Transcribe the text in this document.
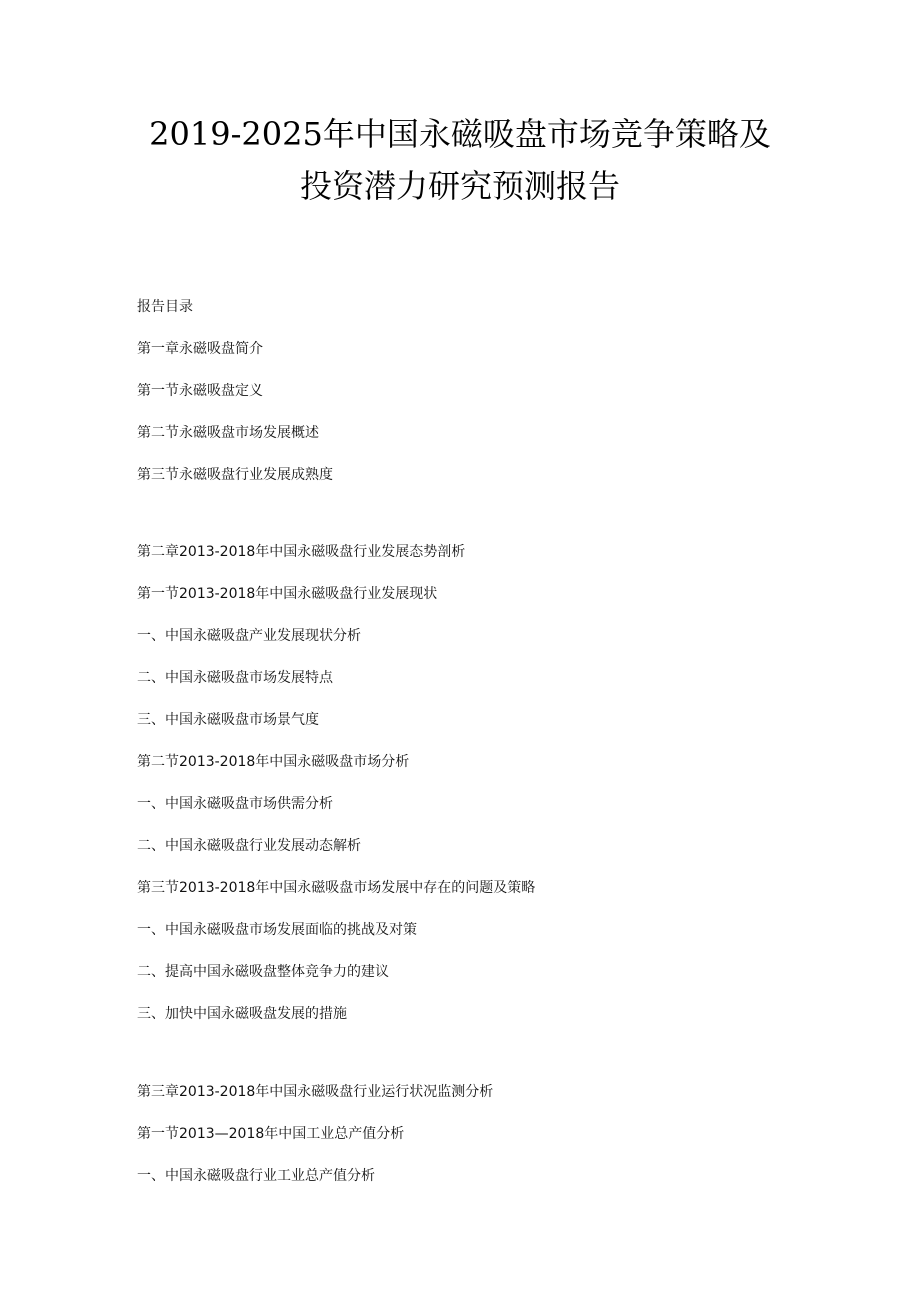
2019-2025年中国永磁吸盘市场竞争策略及
投资潜力研究预测报告
报告目录
第一章永磁吸盘简介
第一节永磁吸盘定义
第二节永磁吸盘市场发展概述
第三节永磁吸盘行业发展成熟度
第二章2013-2018年中国永磁吸盘行业发展态势剖析
第一节2013-2018年中国永磁吸盘行业发展现状
一、中国永磁吸盘产业发展现状分析
二、中国永磁吸盘市场发展特点
三、中国永磁吸盘市场景气度
第二节2013-2018年中国永磁吸盘市场分析
一、中国永磁吸盘市场供需分析
二、中国永磁吸盘行业发展动态解析
第三节2013-2018年中国永磁吸盘市场发展中存在的问题及策略
一、中国永磁吸盘市场发展面临的挑战及对策
二、提高中国永磁吸盘整体竞争力的建议
三、加快中国永磁吸盘发展的措施
第三章2013-2018年中国永磁吸盘行业运行状况监测分析
第一节2013—2018年中国工业总产值分析
一、中国永磁吸盘行业工业总产值分析
